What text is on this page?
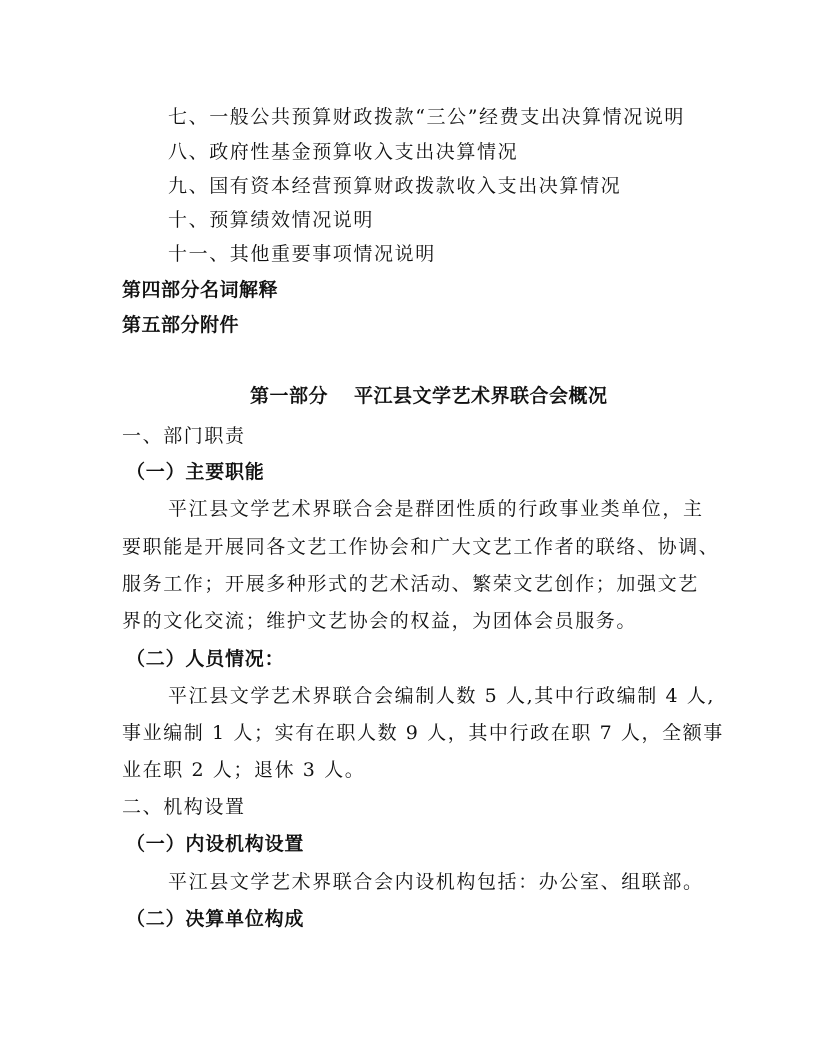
七、一般公共预算财政拨款“三公”经费支出决算情况说明
八、政府性基金预算收入支出决算情况
九、国有资本经营预算财政拨款收入支出决算情况
十、预算绩效情况说明
十一、其他重要事项情况说明
第四部分名词解释
第五部分附件
第一部分 平江县文学艺术界联合会概况
一、部门职责
（一）主要职能
平江县文学艺术界联合会是群团性质的行政事业类单位，主
要职能是开展同各文艺工作协会和广大文艺工作者的联络、协调、
服务工作；开展多种形式的艺术活动、繁荣文艺创作；加强文艺
界的文化交流；维护文艺协会的权益，为团体会员服务。
（二）人员情况：
平江县文学艺术界联合会编制人数 5 人,其中行政编制 4 人,
事业编制 1 人；实有在职人数 9 人，其中行政在职 7 人，全额事
业在职 2 人；退休 3 人。
二、机构设置
（一）内设机构设置
平江县文学艺术界联合会内设机构包括：办公室、组联部。
（二）决算单位构成
